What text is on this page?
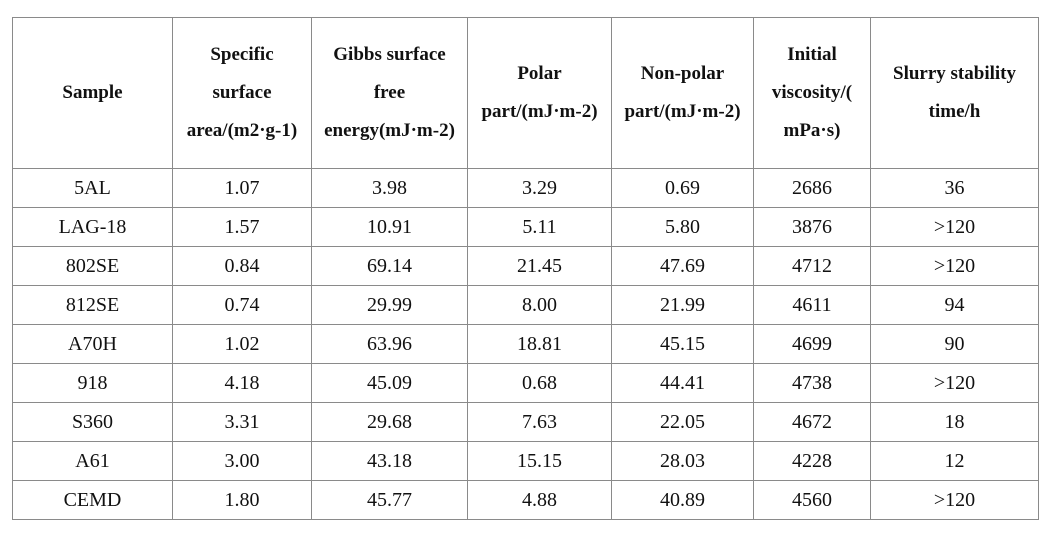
Sample	Specific surface area/(m2·g-1)	Gibbs surface free energy(mJ·m-2)	Polar part/(mJ·m-2)	Non-polar part/(mJ·m-2)	Initial viscosity/(mPa·s)	Slurry stability time/h

5AL	1.07	3.98	3.29	0.69	2686	36
LAG-18	1.57	10.91	5.11	5.80	3876	>120
802SE	0.84	69.14	21.45	47.69	4712	>120
812SE	0.74	29.99	8.00	21.99	4611	94
A70H	1.02	63.96	18.81	45.15	4699	90
918	4.18	45.09	0.68	44.41	4738	>120
S360	3.31	29.68	7.63	22.05	4672	18
A61	3.00	43.18	15.15	28.03	4228	12
CEMD	1.80	45.77	4.88	40.89	4560	>120
